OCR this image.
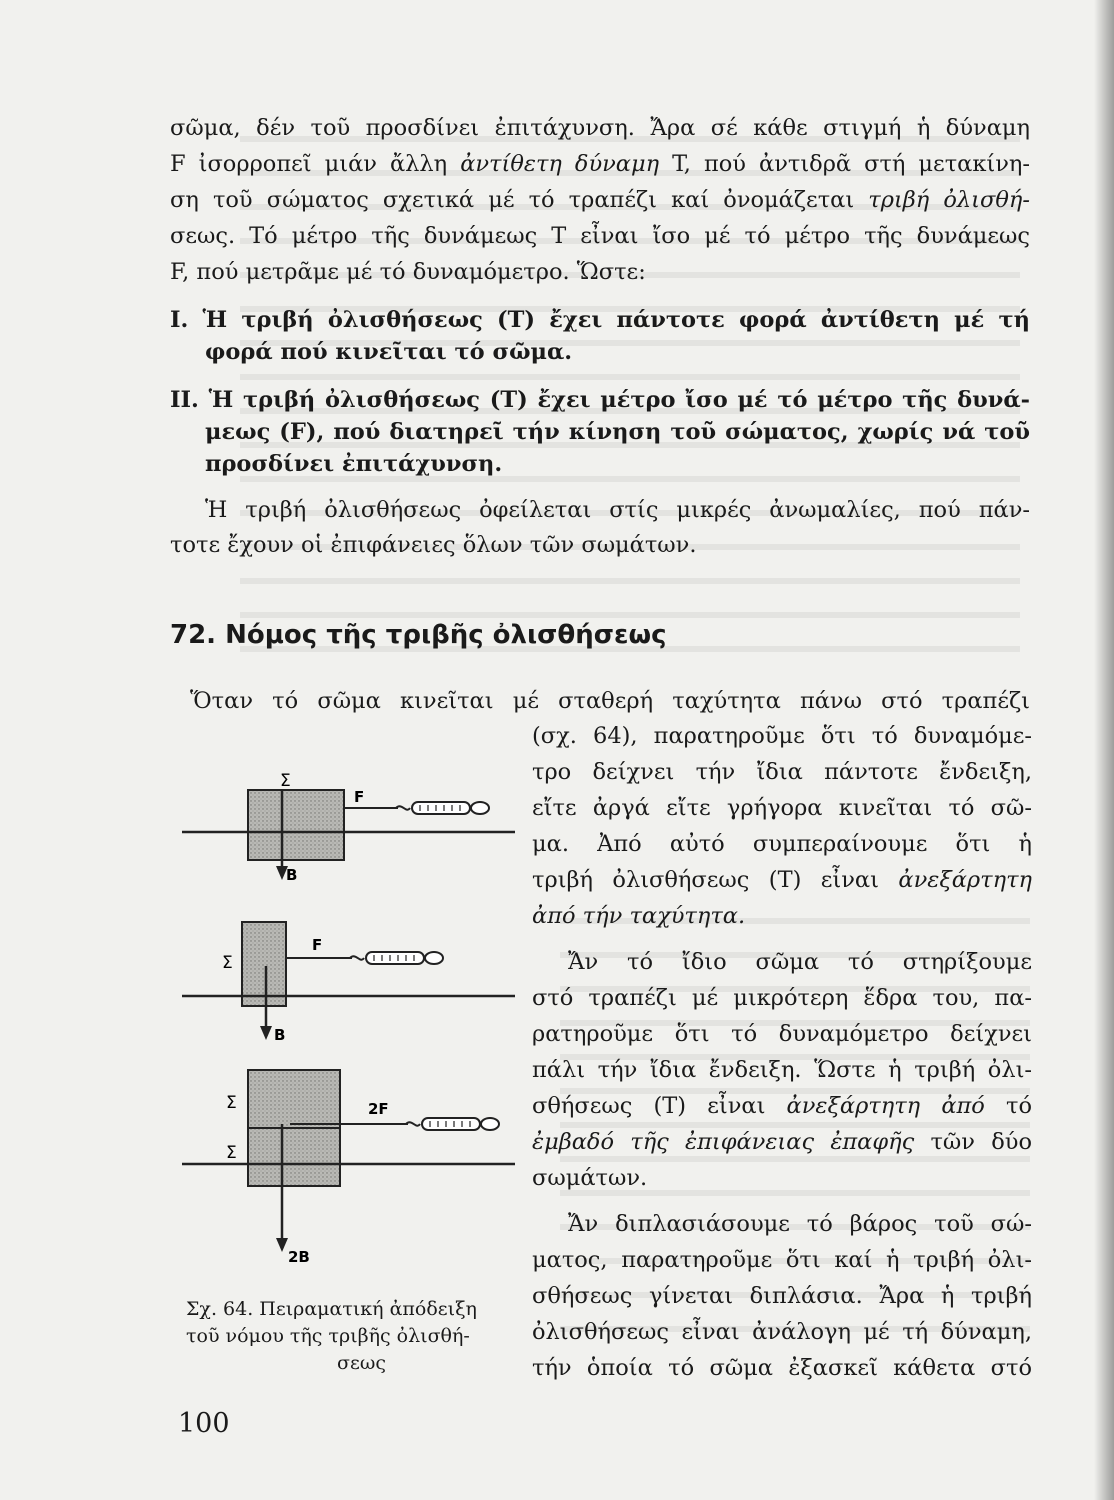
σῶμα, δέν τοῦ προσδίνει ἐπιτάχυνση. Ἄρα σέ κάθε στιγμή ἡ δύναμη
F ἰσορροπεῖ μιάν ἄλλη ἀντίθετη δύναμη T, πού ἀντιδρᾶ στή μετακίνη-
ση τοῦ σώματος σχετικά μέ τό τραπέζι καί ὀνομάζεται τριβή ὀλισθή-
σεως. Τό μέτρο τῆς δυνάμεως T εἶναι ἴσο μέ τό μέτρο τῆς δυνάμεως
F, πού μετρᾶμε μέ τό δυναμόμετρο. Ὥστε:
I. Ἡ τριβή ὀλισθήσεως (T) ἔχει πάντοτε φορά ἀντίθετη μέ τή
φορά πού κινεῖται τό σῶμα.
II. Ἡ τριβή ὀλισθήσεως (T) ἔχει μέτρο ἴσο μέ τό μέτρο τῆς δυνά-
μεως (F), πού διατηρεῖ τήν κίνηση τοῦ σώματος, χωρίς νά τοῦ
προσδίνει ἐπιτάχυνση.
Ἡ τριβή ὀλισθήσεως ὀφείλεται στίς μικρές ἀνωμαλίες, πού πάν-
τοτε ἔχουν οἱ ἐπιφάνειες ὅλων τῶν σωμάτων.
72. Νόμος τῆς τριβῆς ὀλισθήσεως
Ὅταν τό σῶμα κινεῖται μέ σταθερή ταχύτητα πάνω στό τραπέζι
(σχ. 64), παρατηροῦμε ὅτι τό δυναμόμε-
τρο δείχνει τήν ἴδια πάντοτε ἔνδειξη,
εἴτε ἀργά εἴτε γρήγορα κινεῖται τό σῶ-
μα. Ἀπό αὐτό συμπεραίνουμε ὅτι ἡ
τριβή ὀλισθήσεως (T) εἶναι ἀνεξάρτητη
ἀπό τήν ταχύτητα.
Ἄν τό ἴδιο σῶμα τό στηρίξουμε
στό τραπέζι μέ μικρότερη ἕδρα του, πα-
ρατηροῦμε ὅτι τό δυναμόμετρο δείχνει
πάλι τήν ἴδια ἔνδειξη. Ὥστε ἡ τριβή ὀλι-
σθήσεως (T) εἶναι ἀνεξάρτητη ἀπό τό
ἐμβαδό τῆς ἐπιφάνειας ἐπαφῆς τῶν δύο
σωμάτων.
Ἄν διπλασιάσουμε τό βάρος τοῦ σώ-
ματος, παρατηροῦμε ὅτι καί ἡ τριβή ὀλι-
σθήσεως γίνεται διπλάσια. Ἄρα ἡ τριβή
ὀλισθήσεως εἶναι ἀνάλογη μέ τή δύναμη,
τήν ὁποία τό σῶμα ἐξασκεῖ κάθετα στό
Σ
F
B
Σ
F
B
Σ
Σ
2F
2B
Σχ. 64. Πειραματική ἀπόδειξη
τοῦ νόμου τῆς τριβῆς ὀλισθή-
σεως
100
